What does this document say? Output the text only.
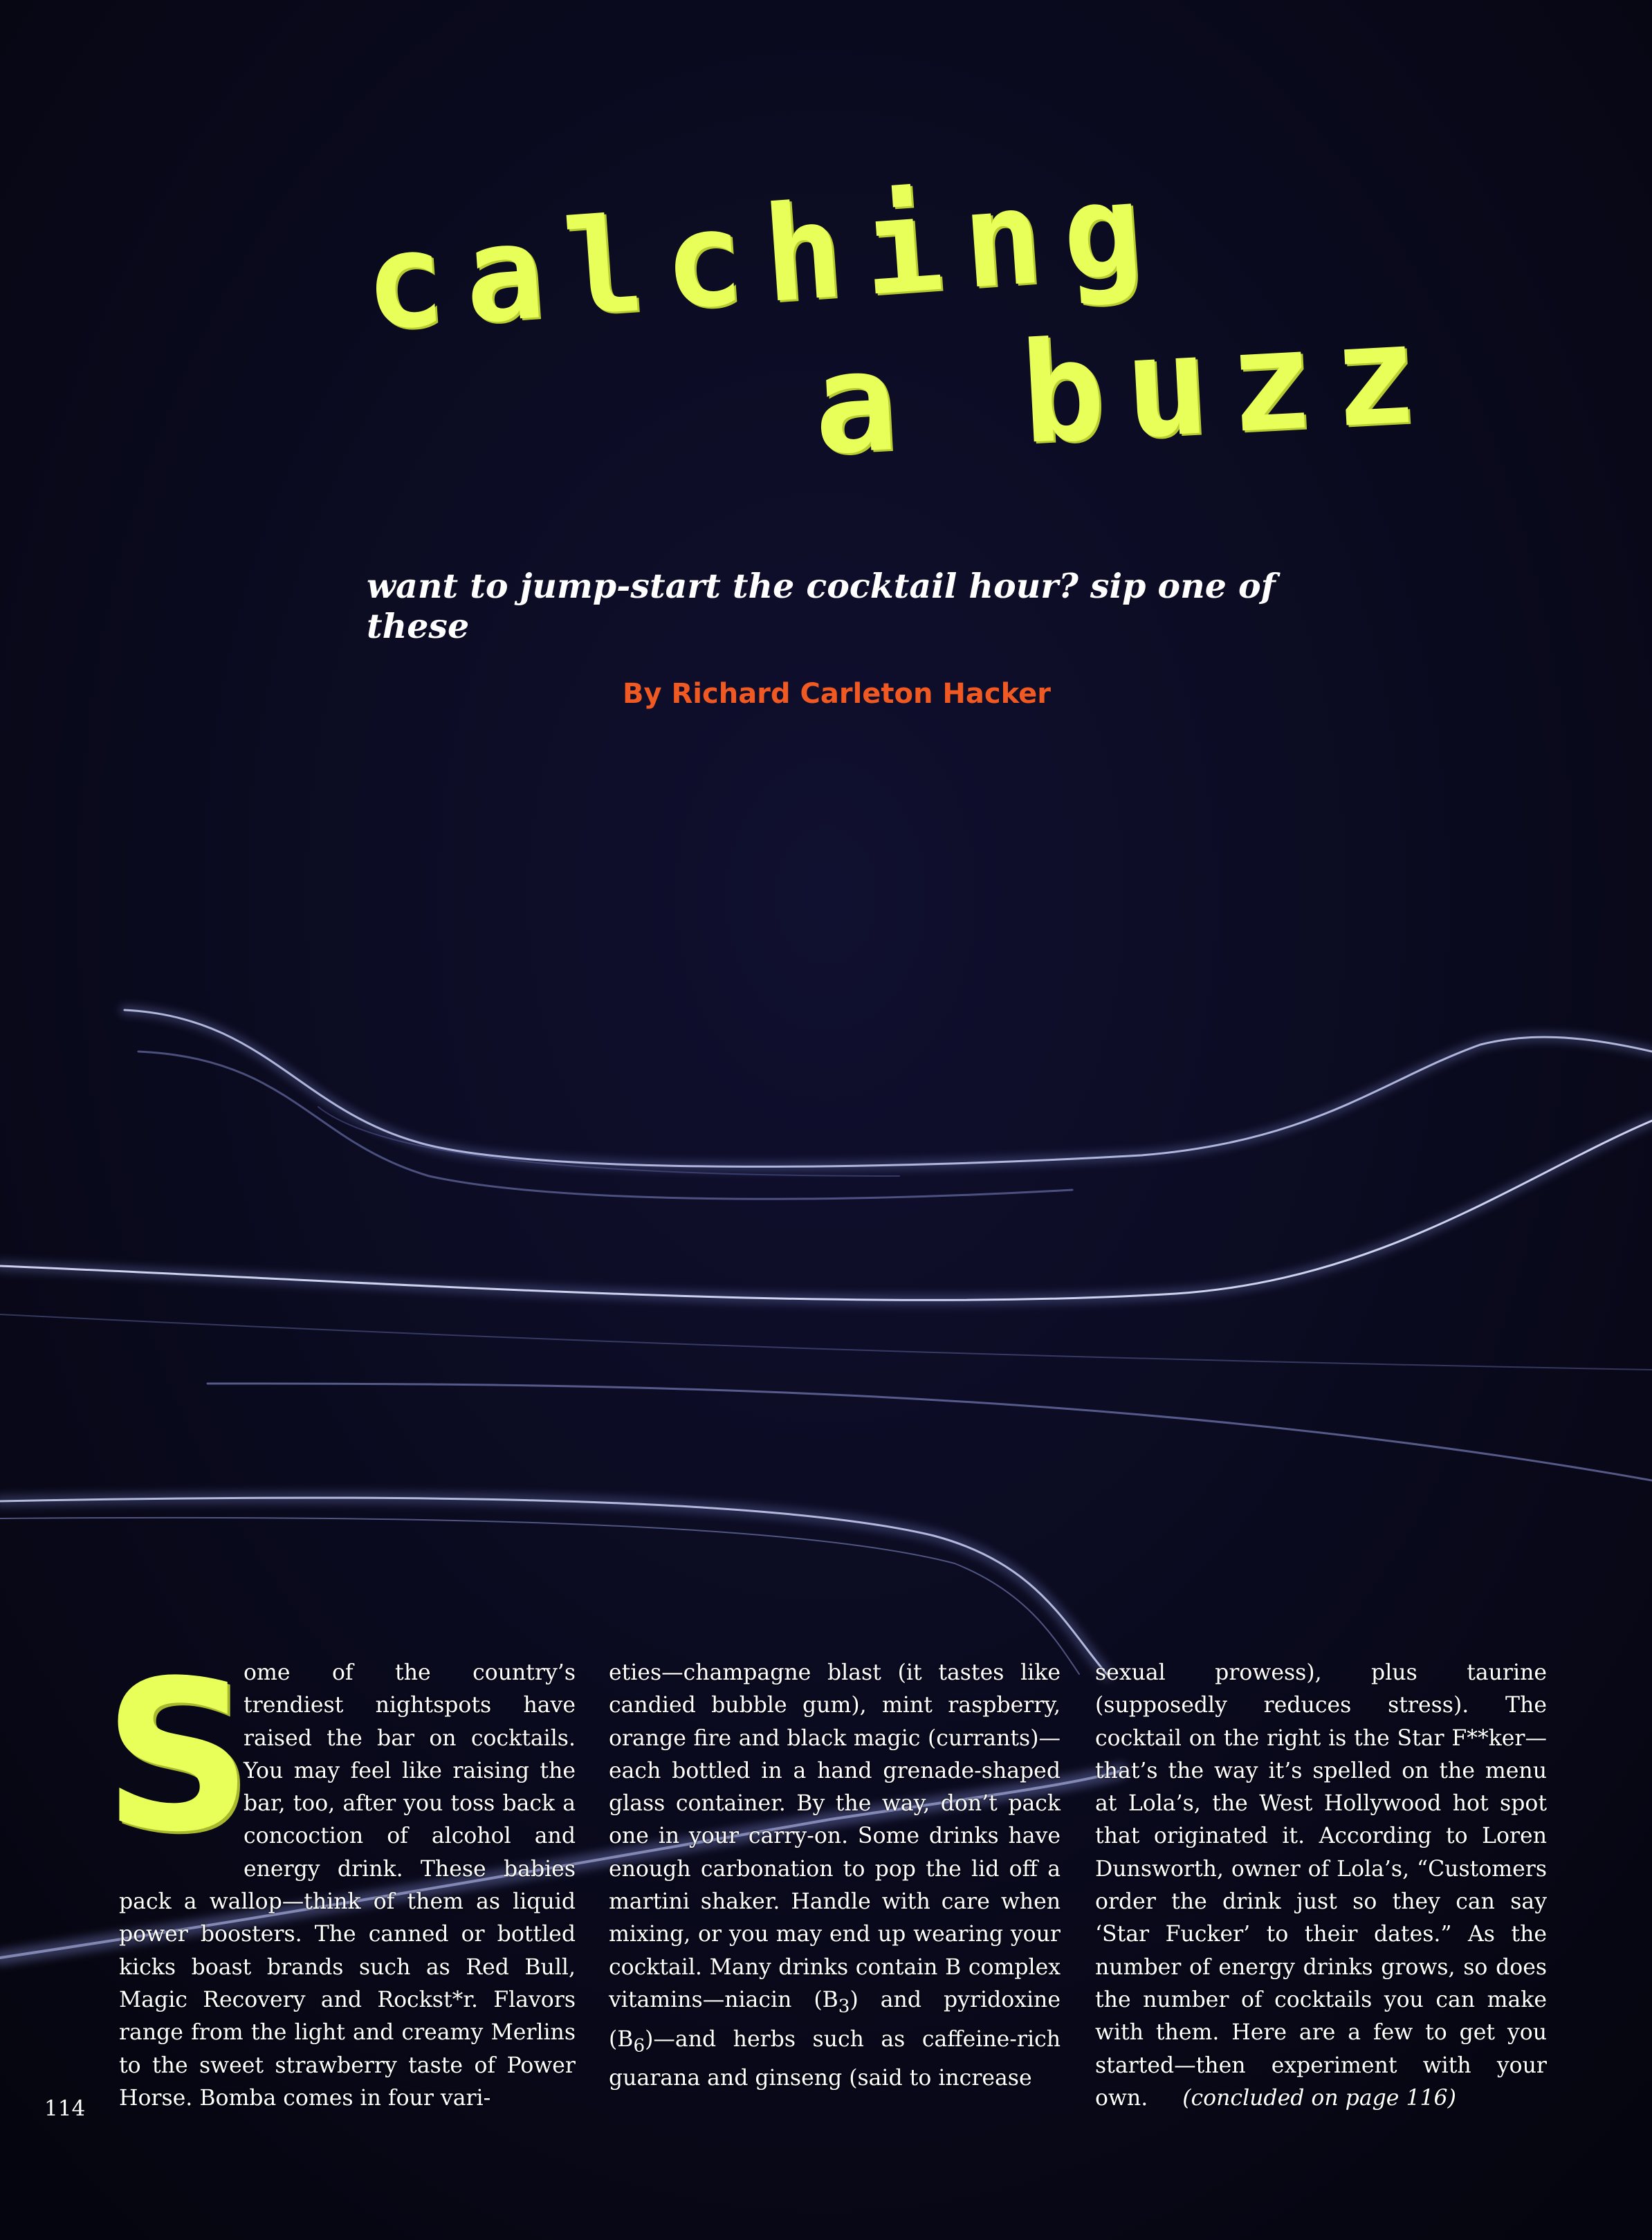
calching
a buzz

want to jump-start the cocktail hour? sip one of these

By Richard Carleton Hacker

S
ome of the country’s trendiest nightspots have raised the bar on cocktails. You may feel like raising the bar, too, after you toss back a concoction of alcohol and energy drink. These babies pack a wallop—think of them as liquid power boosters. The canned or bottled kicks boast brands such as Red Bull, Magic Recovery and Rockst*r. Flavors range from the light and creamy Merlins to the sweet strawberry taste of Power Horse. Bomba comes in four vari-
eties—champagne blast (it tastes like candied bubble gum), mint raspberry, orange fire and black magic (currants)—each bottled in a hand grenade-shaped glass container. By the way, don’t pack one in your carry-on. Some drinks have enough carbonation to pop the lid off a martini shaker. Handle with care when mixing, or you may end up wearing your cocktail. Many drinks contain B complex vitamins—niacin $(B_3)$ and pyridoxine $(B_6)—and$ herbs such as caffeine-rich guarana and ginseng (said to increase
sexual prowess), plus taurine (supposedly reduces stress). The cocktail on the right is the Star F**ker—that’s the way it’s spelled on the menu at Lola’s, the West Hollywood hot spot that originated it. According to Loren Dunsworth, owner of Lola’s, “Customers order the drink just so they can say ‘Star Fucker’ to their dates.” As the number of energy drinks grows, so does the number of cocktails you can make with them. Here are a few to get you started—then experiment with your own. (concluded on page 116)

114
